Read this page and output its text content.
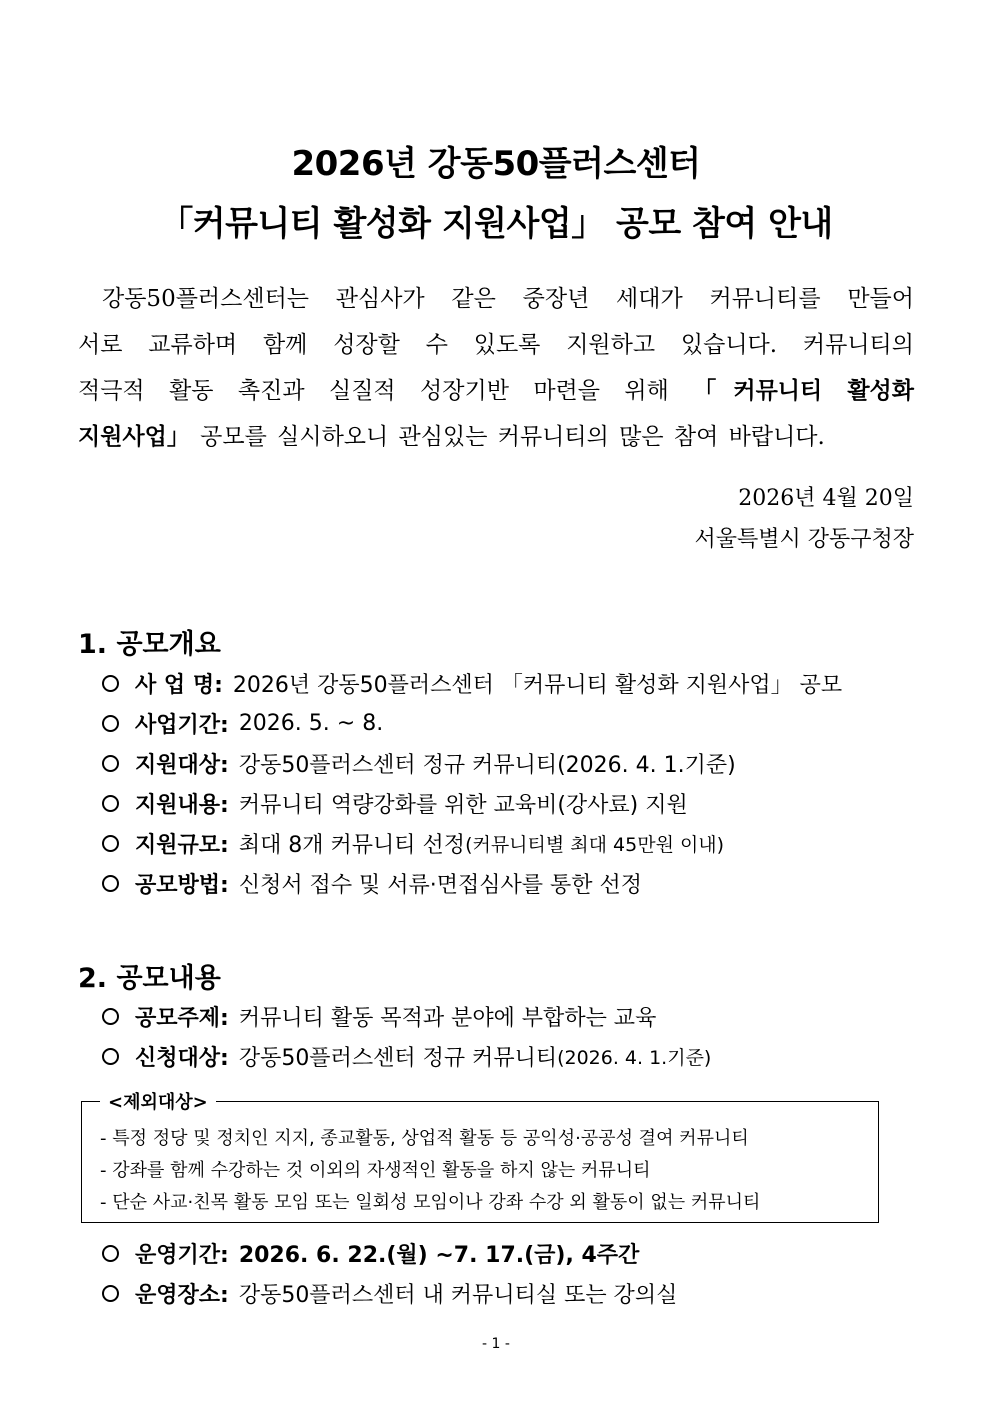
2026년 강동50플러스센터
「커뮤니티 활성화 지원사업」 공모 참여 안내
강동50플러스센터는 관심사가 같은 중장년 세대가 커뮤니티를 만들어
서로 교류하며 함께 성장할 수 있도록 지원하고 있습니다. 커뮤니티의
적극적 활동 촉진과 실질적 성장기반 마련을 위해 「커뮤니티 활성화
지원사업」 공모를 실시하오니 관심있는 커뮤니티의 많은 참여 바랍니다.
2026년 4월 20일
서울특별시 강동구청장
1. 공모개요
사 업 명: 2026년 강동50플러스센터 「커뮤니티 활성화 지원사업」 공모
사업기간: 2026. 5. ~ 8.
지원대상: 강동50플러스센터 정규 커뮤니티(2026. 4. 1.기준)
지원내용: 커뮤니티 역량강화를 위한 교육비(강사료) 지원
지원규모: 최대 8개 커뮤니티 선정 (커뮤니티별 최대 45만원 이내)
공모방법: 신청서 접수 및 서류·면접심사를 통한 선정
2. 공모내용
공모주제: 커뮤니티 활동 목적과 분야에 부합하는 교육
신청대상: 강동50플러스센터 정규 커뮤니티 (2026. 4. 1.기준)
<제외대상>
- 특정 정당 및 정치인 지지, 종교활동, 상업적 활동 등 공익성·공공성 결여 커뮤니티
- 강좌를 함께 수강하는 것 이외의 자생적인 활동을 하지 않는 커뮤니티
- 단순 사교·친목 활동 모임 또는 일회성 모임이나 강좌 수강 외 활동이 없는 커뮤니티
운영기간: 2026. 6. 22.(월) ~7. 17.(금), 4주간
운영장소: 강동50플러스센터 내 커뮤니티실 또는 강의실
- 1 -
